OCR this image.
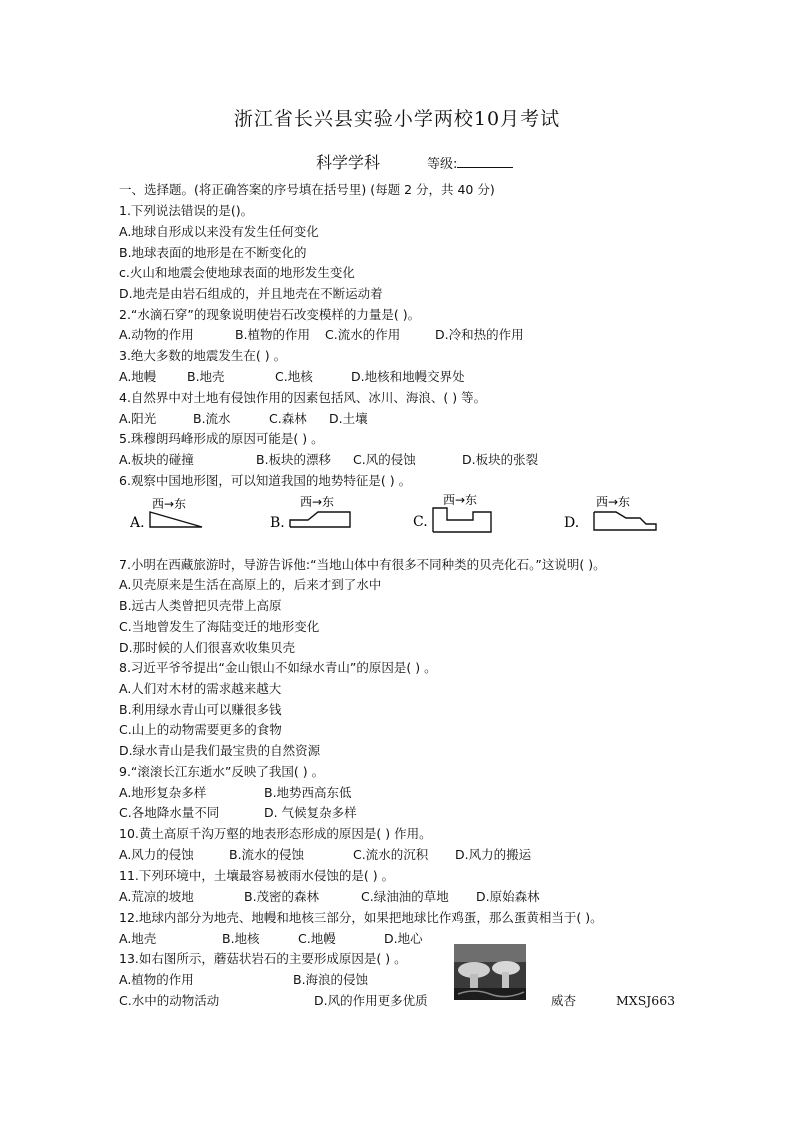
浙江省长兴县实验小学两校10月考试
科学学科	等级:
一、选择题。(将正确答案的序号填在括号里) (每题 2 分，共 40 分)
1.下列说法错误的是()。
A.地球自形成以来没有发生任何变化
B.地球表面的地形是在不断变化的
c.火山和地震会使地球表面的地形发生变化
D.地壳是由岩石组成的，并且地壳在不断运动着
2.“水滴石穿”的现象说明使岩石改变模样的力量是( )。
A.动物的作用	B.植物的作用 C.流水的作用	D.冷和热的作用
3.绝大多数的地震发生在( ) 。
A.地幔 B.地壳	C.地核	D.地核和地幔交界处
4.自然界中对土地有侵蚀作用的因素包括风、冰川、海浪、( ) 等。
A.阳光	B.流水	C.森林 D.土壤
5.珠穆朗玛峰形成的原因可能是( ) 。
A.板块的碰撞	B.板块的漂移 C.风的侵蚀	D.板块的张裂
6.观察中国地形图，可以知道我国的地势特征是( ) 。
A.
西→东
B.
西→东
C.
西→东
D.
西→东
7.小明在西藏旅游时，导游告诉他:“当地山体中有很多不同种类的贝壳化石。”这说明( )。
A.贝壳原来是生活在高原上的，后来才到了水中
B.远古人类曾把贝壳带上高原
C.当地曾发生了海陆变迁的地形变化
D.那时候的人们很喜欢收集贝壳
8.习近平爷爷提出“金山银山不如绿水青山”的原因是( ) 。
A.人们对木材的需求越来越大
B.利用绿水青山可以赚很多钱
C.山上的动物需要更多的食物
D.绿水青山是我们最宝贵的自然资源
9.“滚滚长江东逝水”反映了我国( ) 。
A.地形复杂多样	B.地势西高东低
C.各地降水量不同	D. 气候复杂多样
10.黄土高原千沟万壑的地表形态形成的原因是( ) 作用。
A.风力的侵蚀	B.流水的侵蚀	C.流水的沉积 D.风力的搬运
11.下列环境中，土壤最容易被雨水侵蚀的是( ) 。
A.荒凉的坡地	B.茂密的森林	C.绿油油的草地 D.原始森林
12.地球内部分为地壳、地幔和地核三部分，如果把地球比作鸡蛋，那么蛋黄相当于( )。
A.地壳	B.地核	C.地幔	D.地心
13.如右图所示，蘑菇状岩石的主要形成原因是( ) 。
A.植物的作用	B.海浪的侵蚀
C.水中的动物活动	D.风的作用更多优质	威杏	MXSJ663
